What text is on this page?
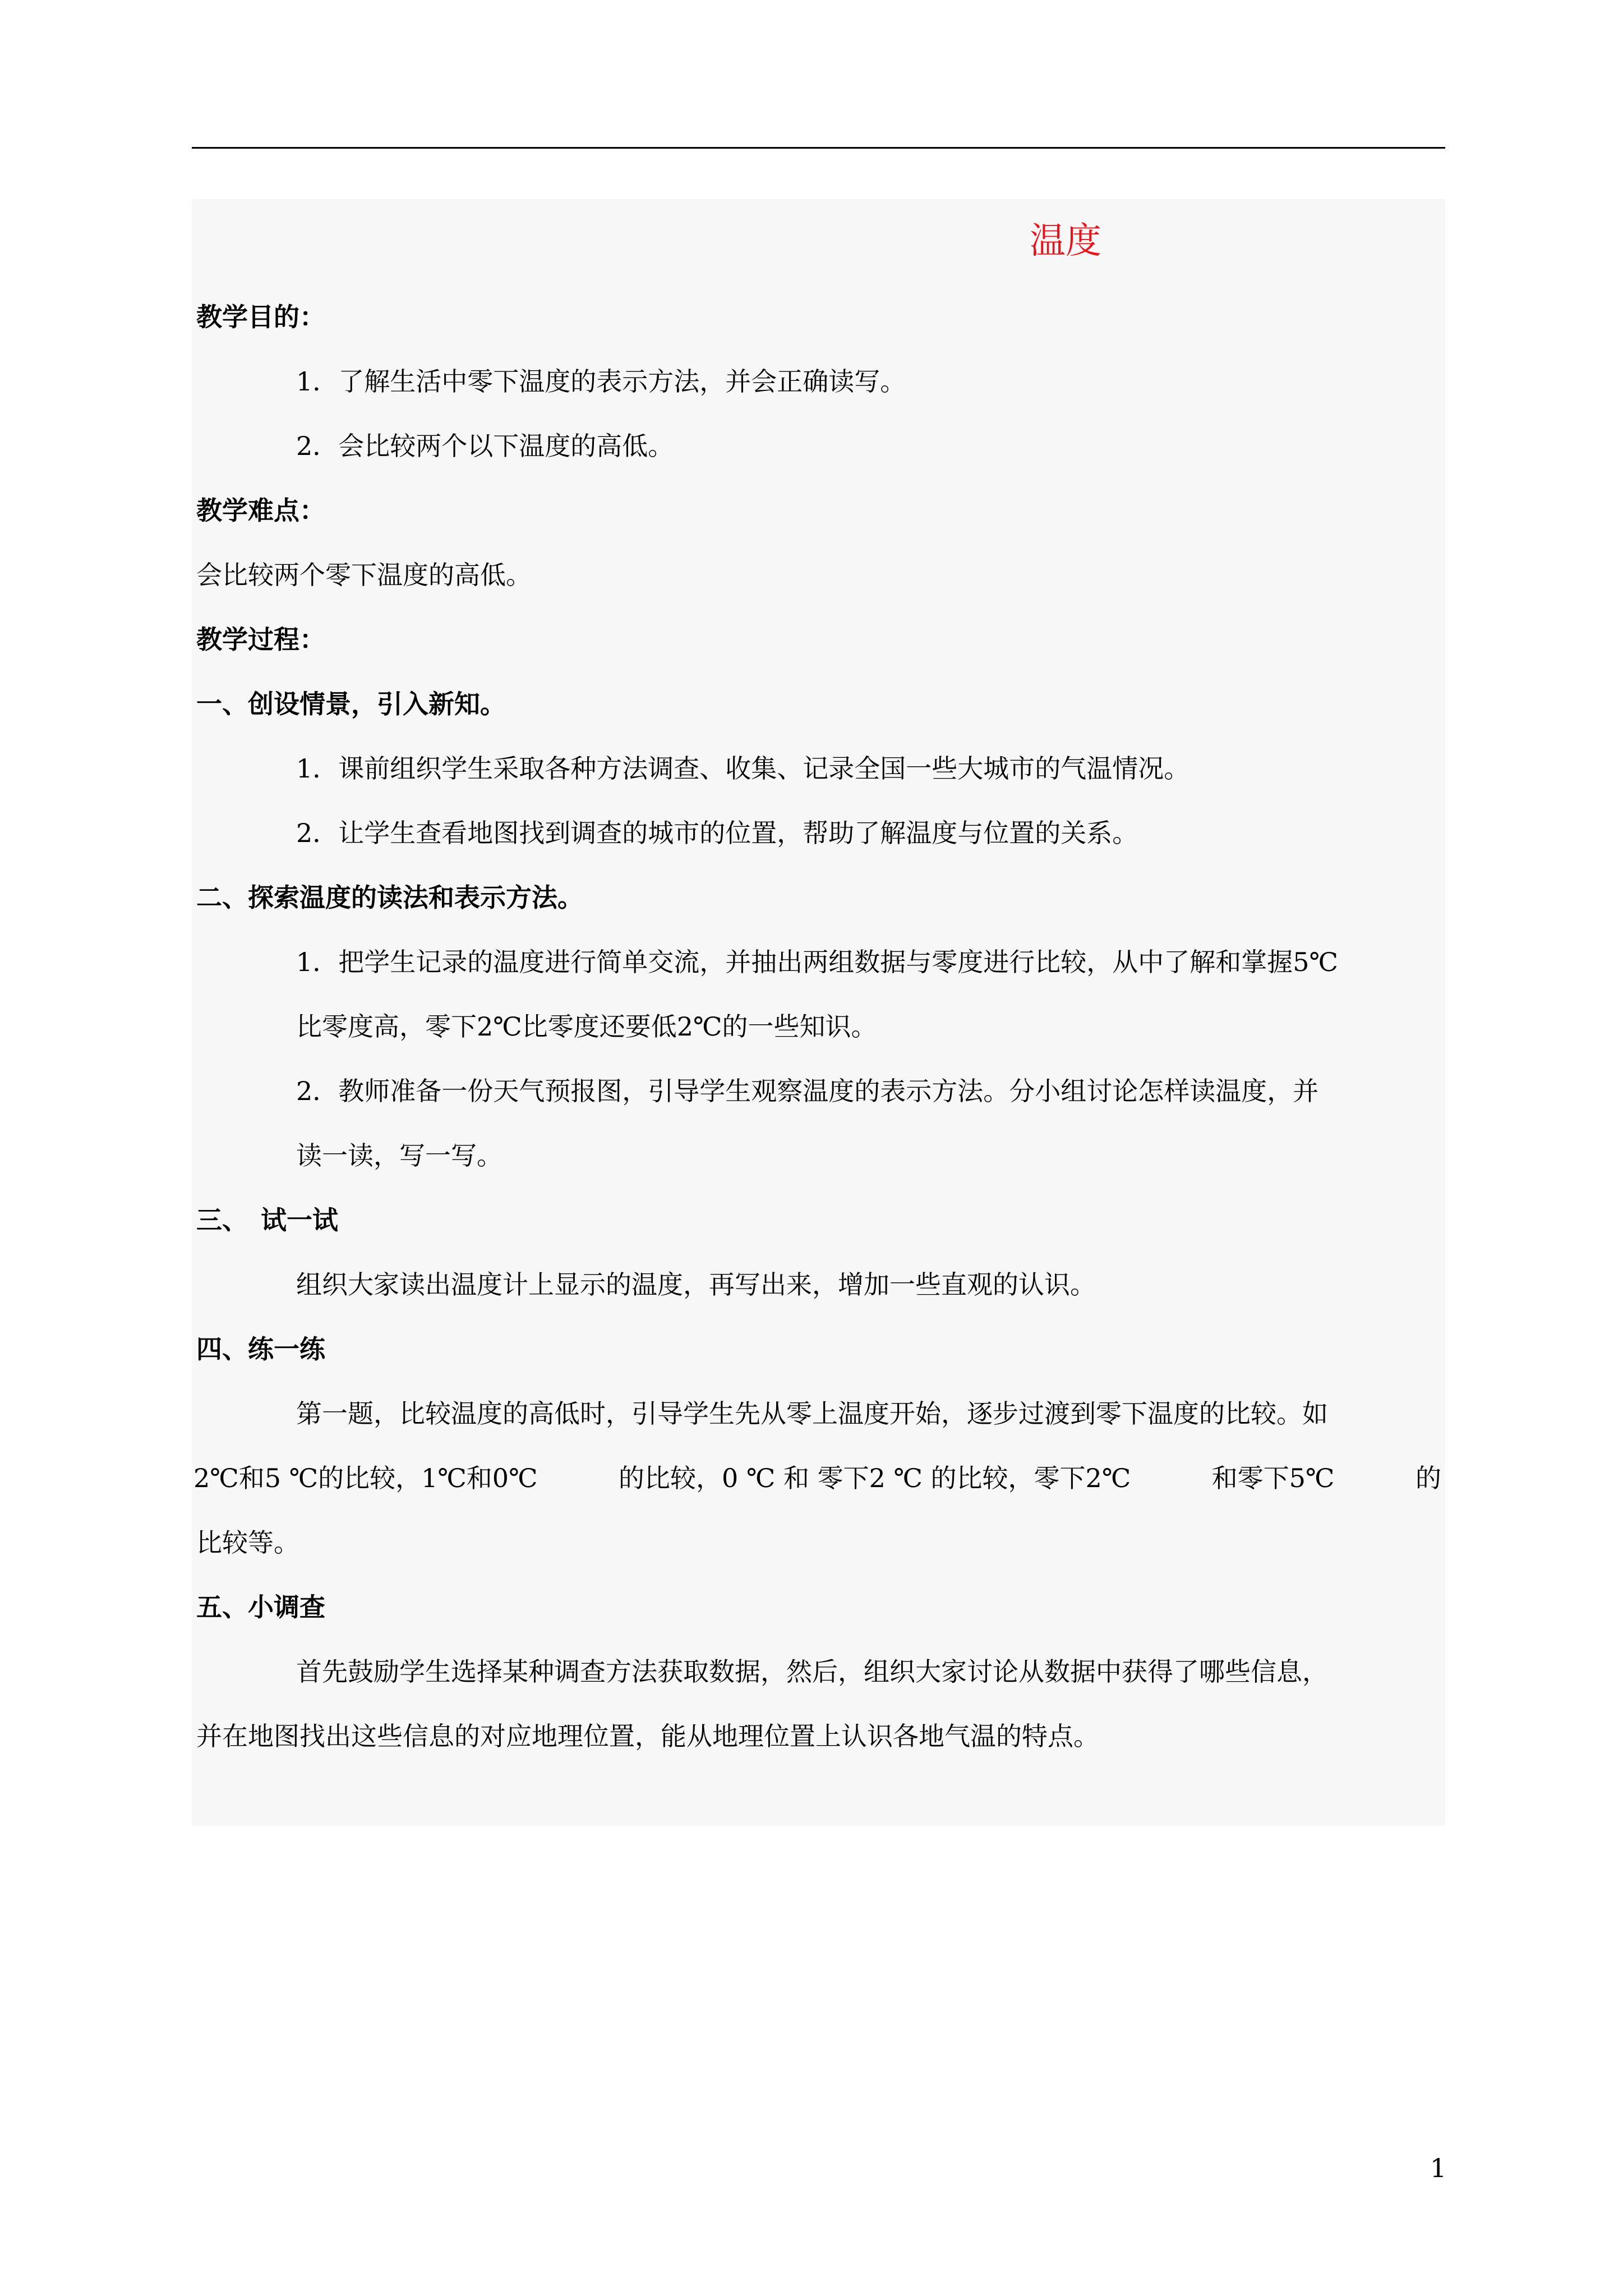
温度
教学目的：
1．了解生活中零下温度的表示方法，并会正确读写。
2．会比较两个以下温度的高低。
教学难点：
会比较两个零下温度的高低。
教学过程：
一、创设情景，引入新知。
1．课前组织学生采取各种方法调查、收集、记录全国一些大城市的气温情况。
2．让学生查看地图找到调查的城市的位置，帮助了解温度与位置的关系。
二、探索温度的读法和表示方法。
1．把学生记录的温度进行简单交流，并抽出两组数据与零度进行比较，从中了解和掌握5℃
比零度高，零下2℃比零度还要低2℃的一些知识。
2．教师准备一份天气预报图，引导学生观察温度的表示方法。分小组讨论怎样读温度，并
读一读，写一写。
三、　试一试
组织大家读出温度计上显示的温度，再写出来，增加一些直观的认识。
四、练一练
第一题，比较温度的高低时，引导学生先从零上温度开始，逐步过渡到零下温度的比较。如
2℃和5 ℃的比较，1℃和0℃	的比较，0 ℃ 和 零下2 ℃ 的比较，零下2℃	和零下5℃	的
比较等。
五、小调查
首先鼓励学生选择某种调查方法获取数据，然后，组织大家讨论从数据中获得了哪些信息，
并在地图找出这些信息的对应地理位置，能从地理位置上认识各地气温的特点。
1
